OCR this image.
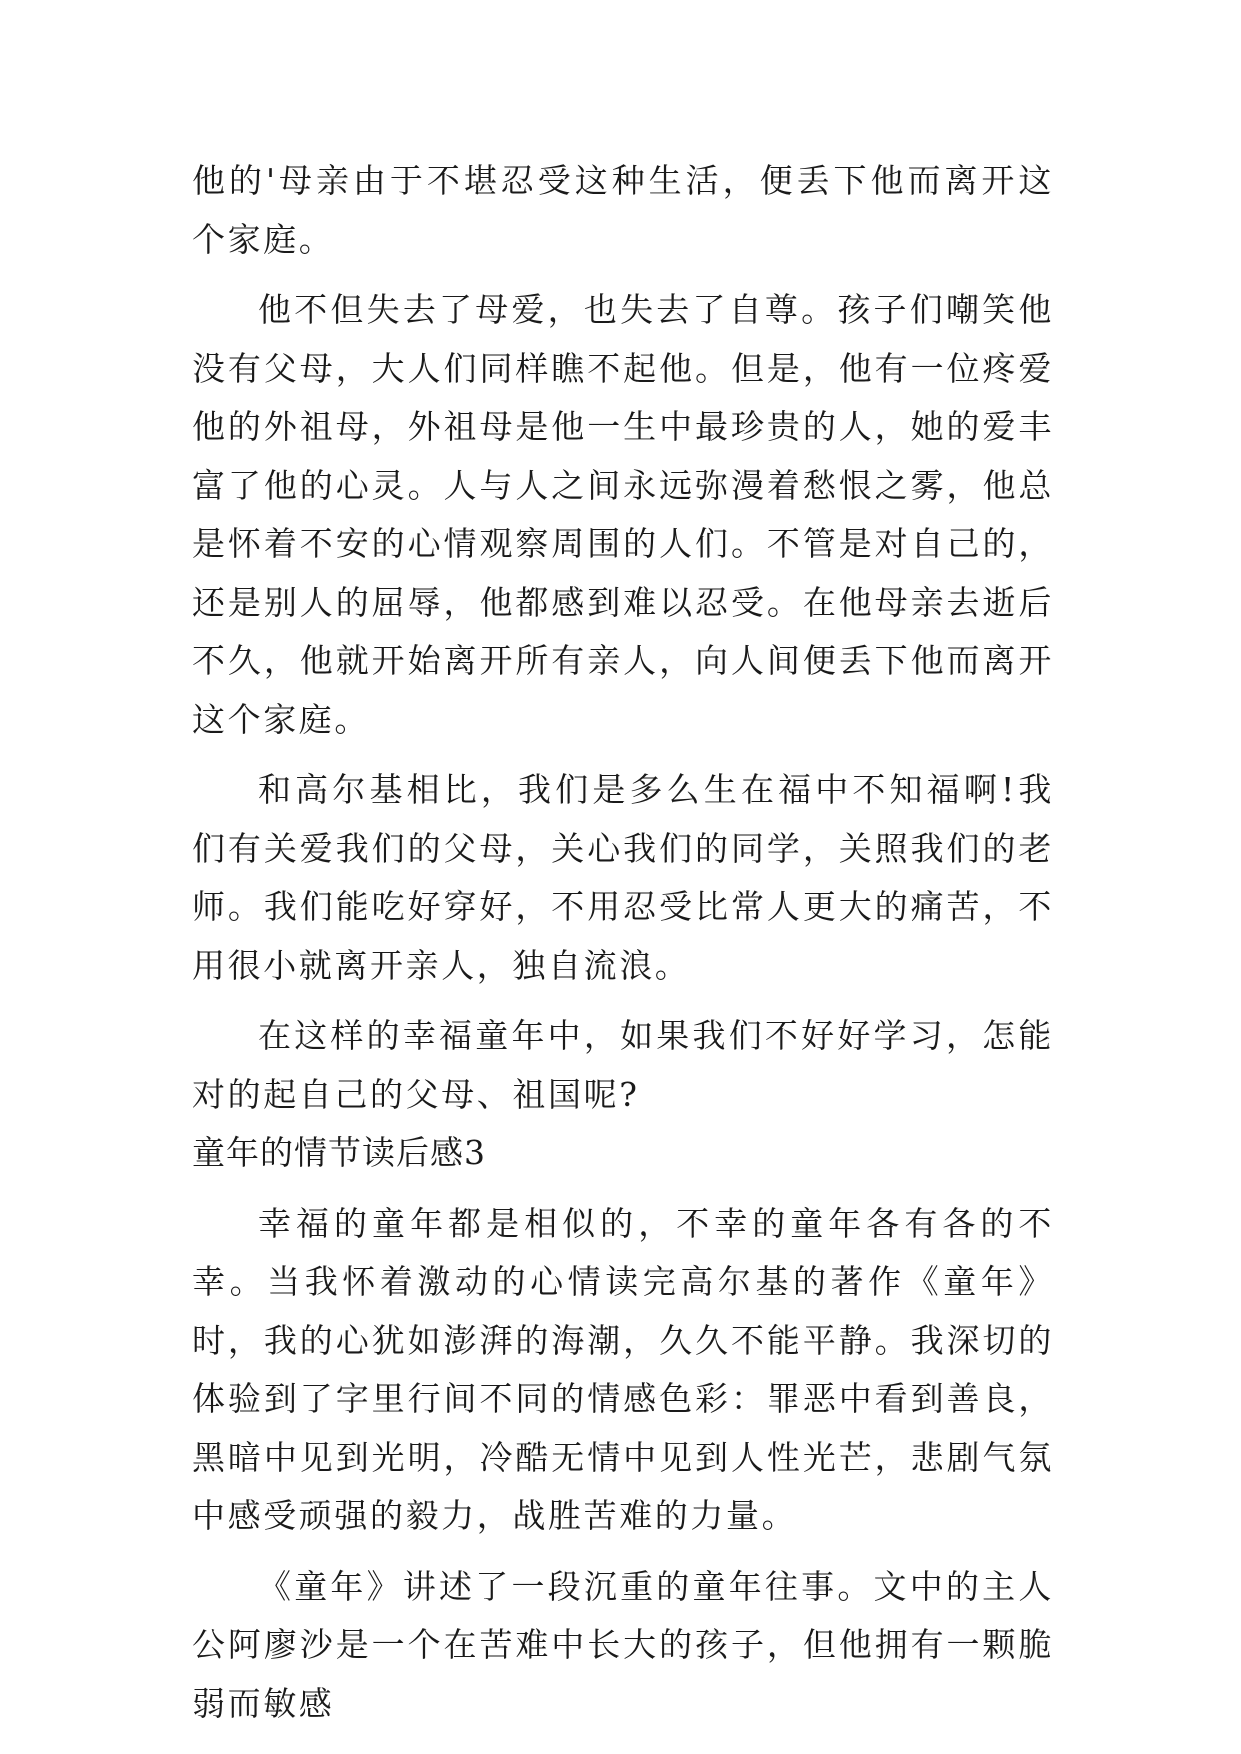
他的'母亲由于不堪忍受这种生活，便丢下他而离开这个家庭。

他不但失去了母爱，也失去了自尊。孩子们嘲笑他没有父母，大人们同样瞧不起他。但是，他有一位疼爱他的外祖母，外祖母是他一生中最珍贵的人，她的爱丰富了他的心灵。人与人之间永远弥漫着愁恨之雾，他总是怀着不安的心情观察周围的人们。不管是对自己的，还是别人的屈辱，他都感到难以忍受。在他母亲去逝后不久，他就开始离开所有亲人，向人间便丢下他而离开这个家庭。

和高尔基相比，我们是多么生在福中不知福啊!我们有关爱我们的父母，关心我们的同学，关照我们的老师。我们能吃好穿好，不用忍受比常人更大的痛苦，不用很小就离开亲人，独自流浪。

在这样的幸福童年中，如果我们不好好学习，怎能对的起自己的父母、祖国呢?

童年的情节读后感3

幸福的童年都是相似的，不幸的童年各有各的不幸。当我怀着激动的心情读完高尔基的著作《童年》时，我的心犹如澎湃的海潮，久久不能平静。我深切的体验到了字里行间不同的情感色彩：罪恶中看到善良，黑暗中见到光明，冷酷无情中见到人性光芒，悲剧气氛中感受顽强的毅力，战胜苦难的力量。

《童年》讲述了一段沉重的童年往事。文中的主人公阿廖沙是一个在苦难中长大的孩子，但他拥有一颗脆弱而敏感
